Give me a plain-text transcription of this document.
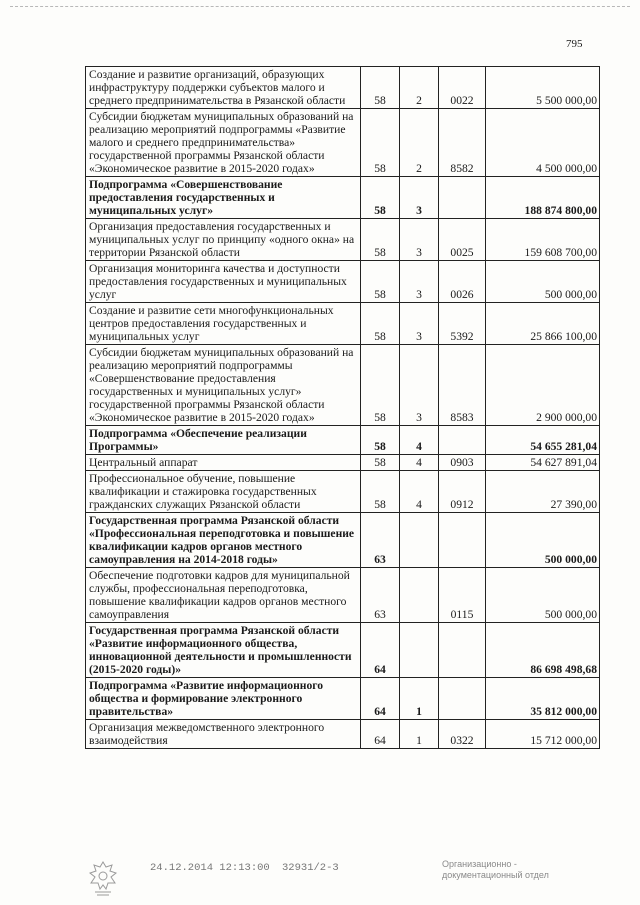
795
Создание и развитие организаций, образующих инфраструктуру поддержки субъектов малого и среднего предпринимательства в Рязанской области	58	2	0022	5 500 000,00
Субсидии бюджетам муниципальных образований на реализацию мероприятий подпрограммы «Развитие малого и среднего предпринимательства» государственной программы Рязанской области «Экономическое развитие в 2015-2020 годах»	58	2	8582	4 500 000,00
Подпрограмма «Совершенствование предоставления государственных и муниципальных услуг»	58	3		188 874 800,00
Организация предоставления государственных и муниципальных услуг по принципу «одного окна» на территории Рязанской области	58	3	0025	159 608 700,00
Организация мониторинга качества и доступности предоставления государственных и муниципальных услуг	58	3	0026	500 000,00
Создание и развитие сети многофункциональных центров предоставления государственных и муниципальных услуг	58	3	5392	25 866 100,00
Субсидии бюджетам муниципальных образований на реализацию мероприятий подпрограммы «Совершенствование предоставления государственных и муниципальных услуг» государственной программы Рязанской области «Экономическое развитие в 2015-2020 годах»	58	3	8583	2 900 000,00
Подпрограмма «Обеспечение реализации Программы»	58	4		54 655 281,04
Центральный аппарат	58	4	0903	54 627 891,04
Профессиональное обучение, повышение квалификации и стажировка государственных гражданских служащих Рязанской области	58	4	0912	27 390,00
Государственная программа Рязанской области «Профессиональная переподготовка и повышение квалификации кадров органов местного самоуправления на 2014-2018 годы»	63			500 000,00
Обеспечение подготовки кадров для муниципальной службы, профессиональная переподготовка, повышение квалификации кадров органов местного самоуправления	63		0115	500 000,00
Государственная программа Рязанской области «Развитие информационного общества, инновационной деятельности и промышленности (2015-2020 годы)»	64			86 698 498,68
Подпрограмма «Развитие информационного общества и формирование электронного правительства»	64	1		35 812 000,00
Организация межведомственного электронного взаимодействия	64	1	0322	15 712 000,00
24.12.2014 12:13:00 32931/2-3	Организационно -
документационный отдел
